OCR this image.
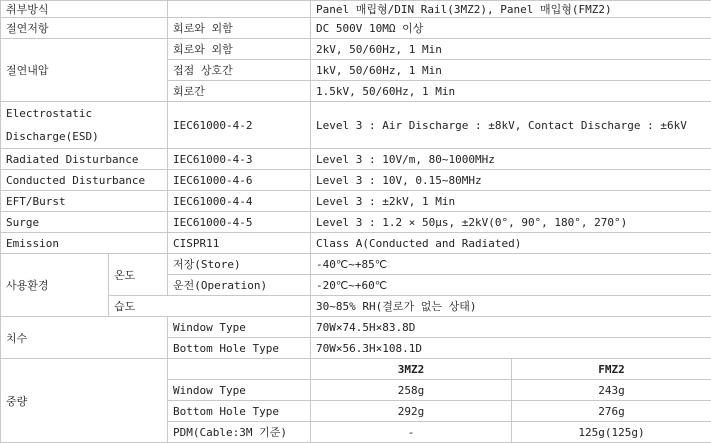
취부방식			Panel 매립형/DIN Rail(3MZ2), Panel 매입형(FMZ2)	
절연저항		회로와 외함	DC 500V 10MΩ 이상	
절연내압		회로와 외함	2kV, 50/60Hz, 1 Min	
		접점 상호간	1kV, 50/60Hz, 1 Min	
		회로간	1.5kV, 50/60Hz, 1 Min	
Electrostatic Discharge(ESD)		IEC61000-4-2	Level 3 : Air Discharge : ±8kV, Contact Discharge : ±6kV	
Radiated Disturbance		IEC61000-4-3	Level 3 : 10V/m, 80~1000MHz	
Conducted Disturbance		IEC61000-4-6	Level 3 : 10V, 0.15~80MHz	
EFT/Burst		IEC61000-4-4	Level 3 : ±2kV, 1 Min	
Surge		IEC61000-4-5	Level 3 : 1.2 × 50μs, ±2kV(0°, 90°, 180°, 270°)	
Emission		CISPR11	Class A(Conducted and Radiated)	
사용환경	온도	저장(Store)	-40℃~+85℃	
		운전(Operation)	-20℃~+60℃	
	습도		30~85% RH(결로가 없는 상태)	
치수		Window Type	70W×74.5H×83.8D	
		Bottom Hole Type	70W×56.3H×108.1D	
중량			3MZ2	FMZ2
		Window Type	258g	243g
		Bottom Hole Type	292g	276g
		PDM(Cable:3M 기준)	-	125g(125g)
